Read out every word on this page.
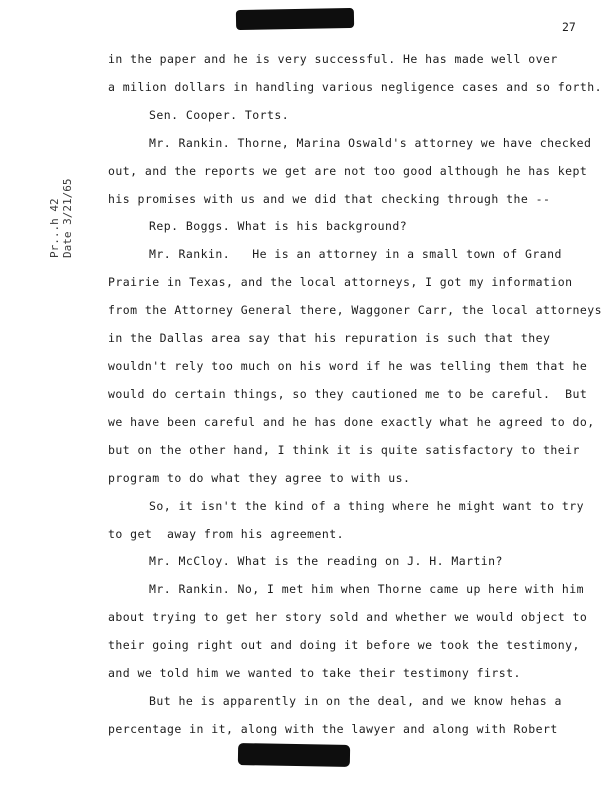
27
Pr...h 42 Date 3/21/65
in the paper and he is very successful. He has made well over
a milion dollars in handling various negligence cases and so forth.
Sen. Cooper. Torts.
Mr. Rankin. Thorne, Marina Oswald's attorney we have checked
out, and the reports we get are not too good although he has kept
his promises with us and we did that checking through the --
Rep. Boggs. What is his background?
Mr. Rankin.   He is an attorney in a small town of Grand
Prairie in Texas, and the local attorneys, I got my information
from the Attorney General there, Waggoner Carr, the local attorneys
in the Dallas area say that his repuration is such that they
wouldn't rely too much on his word if he was telling them that he
would do certain things, so they cautioned me to be careful.  But
we have been careful and he has done exactly what he agreed to do,
but on the other hand, I think it is quite satisfactory to their
program to do what they agree to with us.
So, it isn't the kind of a thing where he might want to try
to get  away from his agreement.
Mr. McCloy. What is the reading on J. H. Martin?
Mr. Rankin. No, I met him when Thorne came up here with him
about trying to get her story sold and whether we would object to
their going right out and doing it before we took the testimony,
and we told him we wanted to take their testimony first.
But he is apparently in on the deal, and we know hehas a
percentage in it, along with the lawyer and along with Robert
